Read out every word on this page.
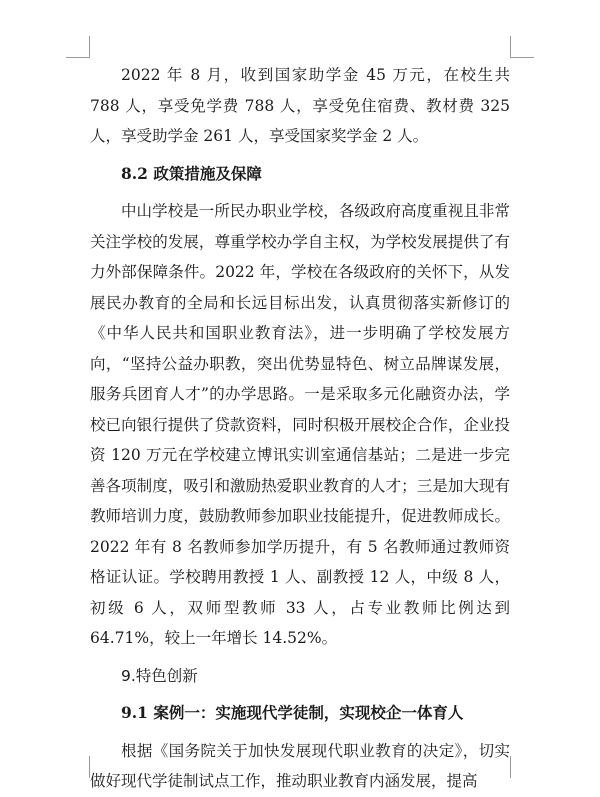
2022 年 8 月，收到国家助学金 45 万元，在校生共 788 人，享受免学费 788 人，享受免住宿费、教材费 325 人，享受助学金 261 人，享受国家奖学金 2 人。

8.2 政策措施及保障

中山学校是一所民办职业学校，各级政府高度重视且非常关注学校的发展，尊重学校办学自主权，为学校发展提供了有力外部保障条件。2022 年，学校在各级政府的关怀下，从发展民办教育的全局和长远目标出发，认真贯彻落实新修订的《中华人民共和国职业教育法》，进一步明确了学校发展方向，“坚持公益办职教，突出优势显特色、树立品牌谋发展，服务兵团育人才”的办学思路。一是采取多元化融资办法，学校已向银行提供了贷款资料，同时积极开展校企合作，企业投资 120 万元在学校建立博讯实训室通信基站；二是进一步完善各项制度，吸引和激励热爱职业教育的人才；三是加大现有教师培训力度，鼓励教师参加职业技能提升，促进教师成长。2022 年有 8 名教师参加学历提升，有 5 名教师通过教师资格证认证。学校聘用教授 1 人、副教授 12 人，中级 8 人，初级 6 人，双师型教师 33 人，占专业教师比例达到 64.71%，较上一年增长 14.52%。

9.特色创新
9.1 案例一：实施现代学徒制，实现校企一体育人

根据《国务院关于加快发展现代职业教育的决定》，切实做好现代学徒制试点工作，推动职业教育内涵发展，提高
